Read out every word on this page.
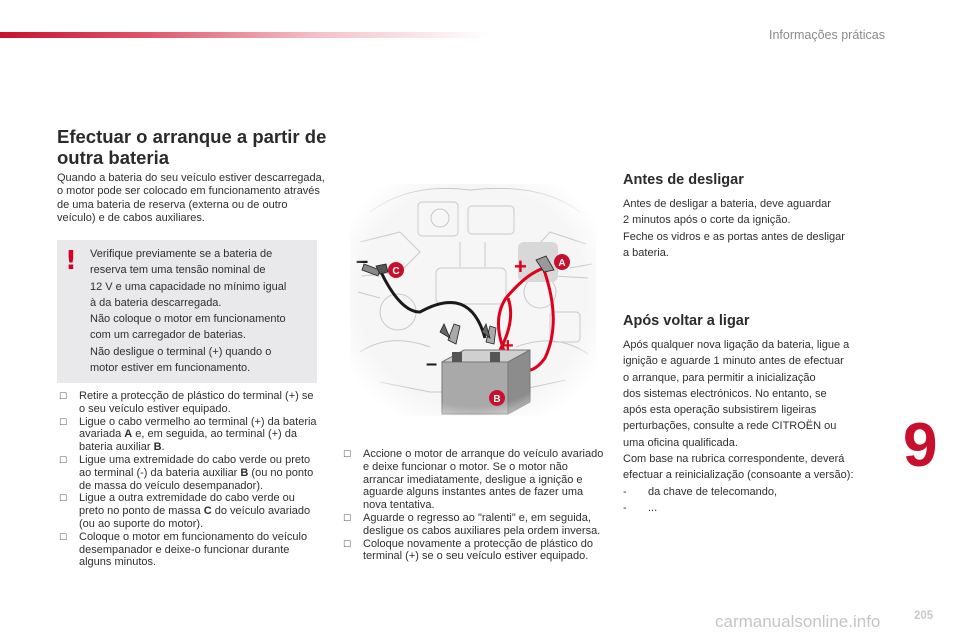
Informações práticas
Efectuar o arranque a partir de outra bateria

Quando a bateria do seu veículo estiver descarregada, o motor pode ser colocado em funcionamento através de uma bateria de reserva (externa ou de outro veículo) e de cabos auxiliares.

!	Verifique previamente se a bateria de
reserva tem uma tensão nominal de
12 V e uma capacidade no mínimo igual
à da bateria descarregada.
Não coloque o motor em funcionamento
com um carregador de baterias.
Não desligue o terminal (+) quando o
motor estiver em funcionamento.
☐ Retire a protecção de plástico do terminal (+) se o seu veículo estiver equipado.
☐ Ligue o cabo vermelho ao terminal (+) da bateria avariada A e, em seguida, ao terminal (+) da bateria auxiliar B.
☐ Ligue uma extremidade do cabo verde ou preto ao terminal (-) da bateria auxiliar B (ou no ponto de massa do veículo desempanador).
☐ Ligue a outra extremidade do cabo verde ou preto no ponto de massa C do veículo avariado (ou ao suporte do motor).
☐ Coloque o motor em funcionamento do veículo desempanador e deixe-o funcionar durante alguns minutos.
☐ Accione o motor de arranque do veículo avariado e deixe funcionar o motor. Se o motor não arrancar imediatamente, desligue a ignição e aguarde alguns instantes antes de fazer uma nova tentativa.
☐ Aguarde o regresso ao "ralenti" e, em seguida, desligue os cabos auxiliares pela ordem inversa.
☐ Coloque novamente a protecção de plástico do terminal (+) se o seu veículo estiver equipado.
Antes de desligar
Antes de desligar a bateria, deve aguardar
2 minutos após o corte da ignição.
Feche os vidros e as portas antes de desligar
a bateria.
Após voltar a ligar
Após qualquer nova ligação da bateria, ligue a
ignição e aguarde 1 minuto antes de efectuar
o arranque, para permitir a inicialização
dos sistemas electrónicos. No entanto, se
após esta operação subsistirem ligeiras
perturbações, consulte a rede CITROËN ou
uma oficina qualificada.
Com base na rubrica correspondente, deverá
efectuar a reinicialização (consoante a versão):
- da chave de telecomando,
- ...
9
205
carmanualsonline.info
